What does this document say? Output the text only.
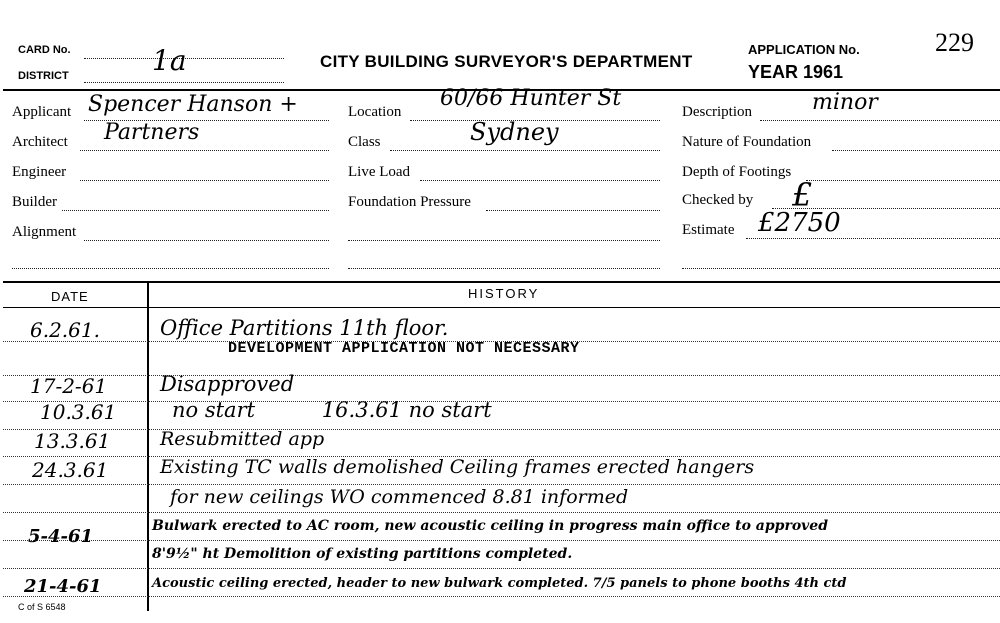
CARD No.	1a
DISTRICT
CITY BUILDING SURVEYOR'S DEPARTMENT
APPLICATION No.
YEAR 1961
229
Applicant Spencer Hanson +
Architect Partners
Engineer
Builder
Alignment
Location
60/66 Hunter St
Class	Sydney
Live Load
Foundation Pressure
Description	minor
Nature of Foundation
Depth of Footings
Checked by £
Estimate £2750
DATE	HISTORY
6.2.61.	Office Partitions 11th floor.
DEVELOPMENT APPLICATION NOT NECESSARY
17-2-61	Disapproved
10.3.61	no start          16.3.61 no start
13.3.61	Resubmitted app
24.3.61	Existing TC walls demolished Ceiling frames erected hangers
for new ceilings WO commenced 8.81 informed
5-4-61	Bulwark erected to AC room, new acoustic ceiling in progress main office to approved
8'9½" ht Demolition of existing partitions completed.
21-4-61	Acoustic ceiling erected, header to new bulwark completed. 7/5 panels to phone booths 4th ctd
C of S 6548
